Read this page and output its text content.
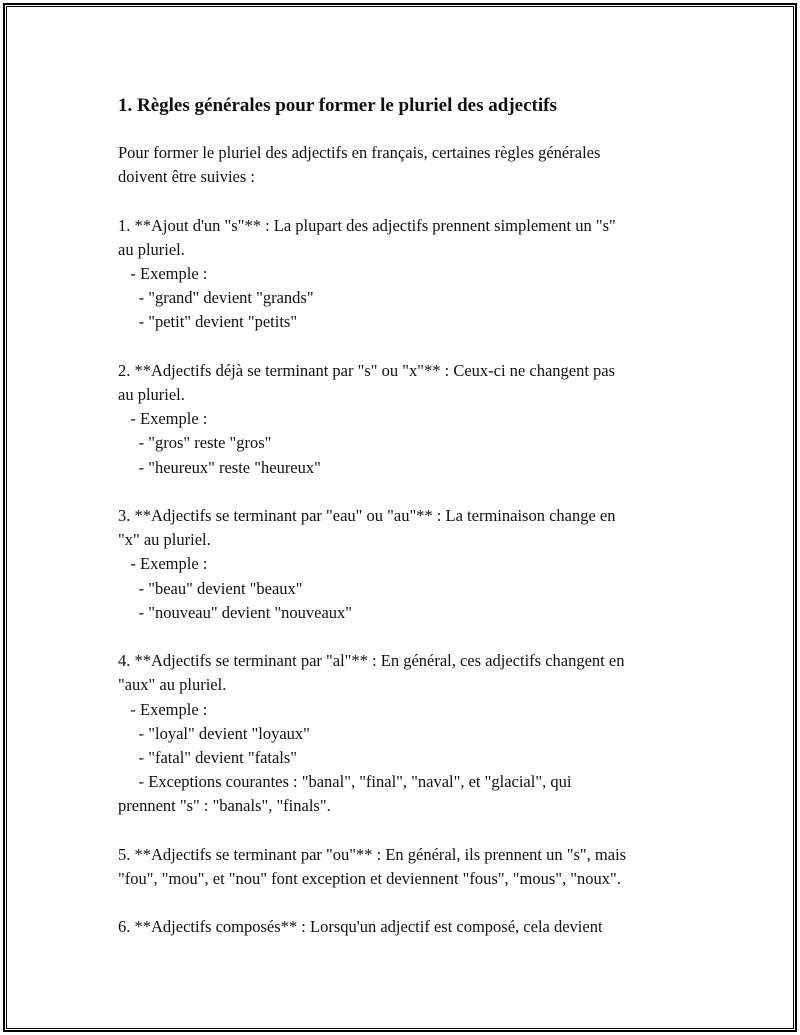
1. Règles générales pour former le pluriel des adjectifs

Pour former le pluriel des adjectifs en français, certaines règles générales

doivent être suivies :

1. **Ajout d'un "s"** : La plupart des adjectifs prennent simplement un "s"

au pluriel.

- Exemple :

- "grand" devient "grands"

- "petit" devient "petits"

2. **Adjectifs déjà se terminant par "s" ou "x"** : Ceux-ci ne changent pas

au pluriel.

- Exemple :

- "gros" reste "gros"

- "heureux" reste "heureux"

3. **Adjectifs se terminant par "eau" ou "au"** : La terminaison change en

"x" au pluriel.

- Exemple :

- "beau" devient "beaux"

- "nouveau" devient "nouveaux"

4. **Adjectifs se terminant par "al"** : En général, ces adjectifs changent en

"aux" au pluriel.

- Exemple :

- "loyal" devient "loyaux"

- "fatal" devient "fatals"

- Exceptions courantes : "banal", "final", "naval", et "glacial", qui

prennent "s" : "banals", "finals".

5. **Adjectifs se terminant par "ou"** : En général, ils prennent un "s", mais

"fou", "mou", et "nou" font exception et deviennent "fous", "mous", "noux".

6. **Adjectifs composés** : Lorsqu'un adjectif est composé, cela devient
